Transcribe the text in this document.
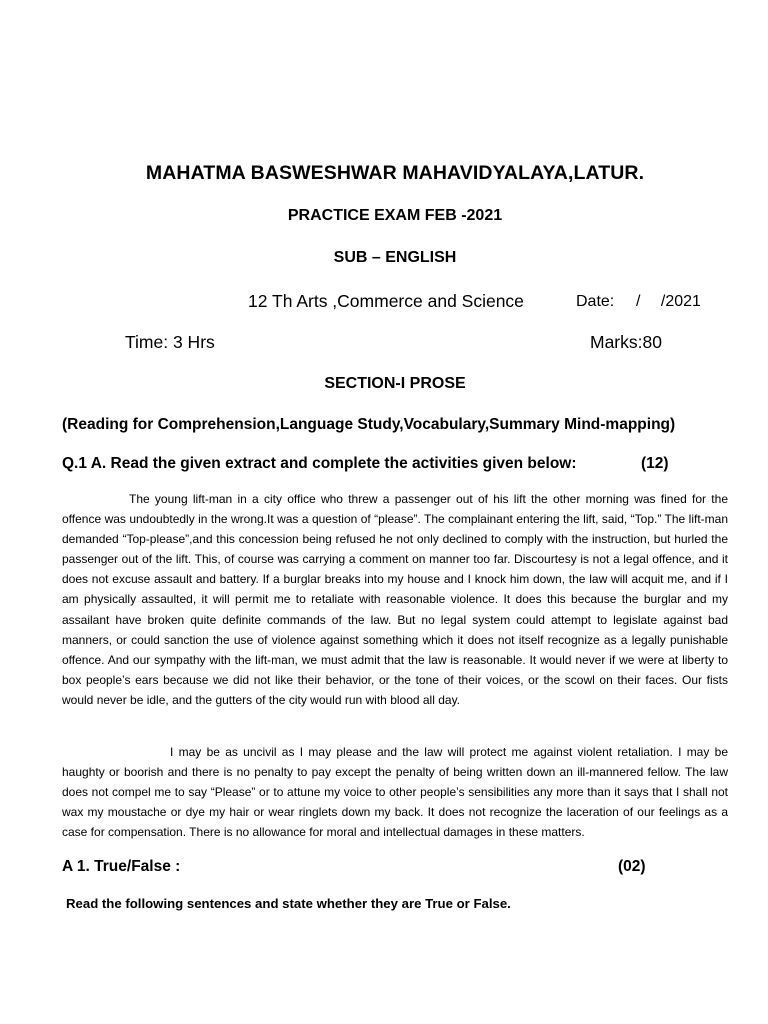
MAHATMA BASWESHWAR MAHAVIDYALAYA,LATUR.
PRACTICE EXAM FEB -2021
SUB – ENGLISH
12 Th Arts ,Commerce and Science	Date: / /2021
Time: 3 Hrs	Marks:80
SECTION-I PROSE
(Reading for Comprehension,Language Study,Vocabulary,Summary Mind-mapping)
Q.1 A. Read the given extract and complete the activities given below:	(12)

The young lift-man in a city office who threw a passenger out of his lift the other morning was fined for the offence was undoubtedly in the wrong.It was a question of “please”. The complainant entering the lift, said, “Top.” The lift-man demanded “Top-please”,and this concession being refused he not only declined to comply with the instruction, but hurled the passenger out of the lift. This, of course was carrying a comment on manner too far. Discourtesy is not a legal offence, and it does not excuse assault and battery. If a burglar breaks into my house and I knock him down, the law will acquit me, and if I am physically assaulted, it will permit me to retaliate with reasonable violence. It does this because the burglar and my assailant have broken quite definite commands of the law. But no legal system could attempt to legislate against bad manners, or could sanction the use of violence against something which it does not itself recognize as a legally punishable offence. And our sympathy with the lift-man, we must admit that the law is reasonable. It would never if we were at liberty to box people’s ears because we did not like their behavior, or the tone of their voices, or the scowl on their faces. Our fists would never be idle, and the gutters of the city would run with blood all day.

I may be as uncivil as I may please and the law will protect me against violent retaliation. I may be haughty or boorish and there is no penalty to pay except the penalty of being written down an ill-mannered fellow. The law does not compel me to say “Please” or to attune my voice to other people’s sensibilities any more than it says that I shall not wax my moustache or dye my hair or wear ringlets down my back. It does not recognize the laceration of our feelings as a case for compensation. There is no allowance for moral and intellectual damages in these matters.

A 1. True/False :	(02)
Read the following sentences and state whether they are True or False.
